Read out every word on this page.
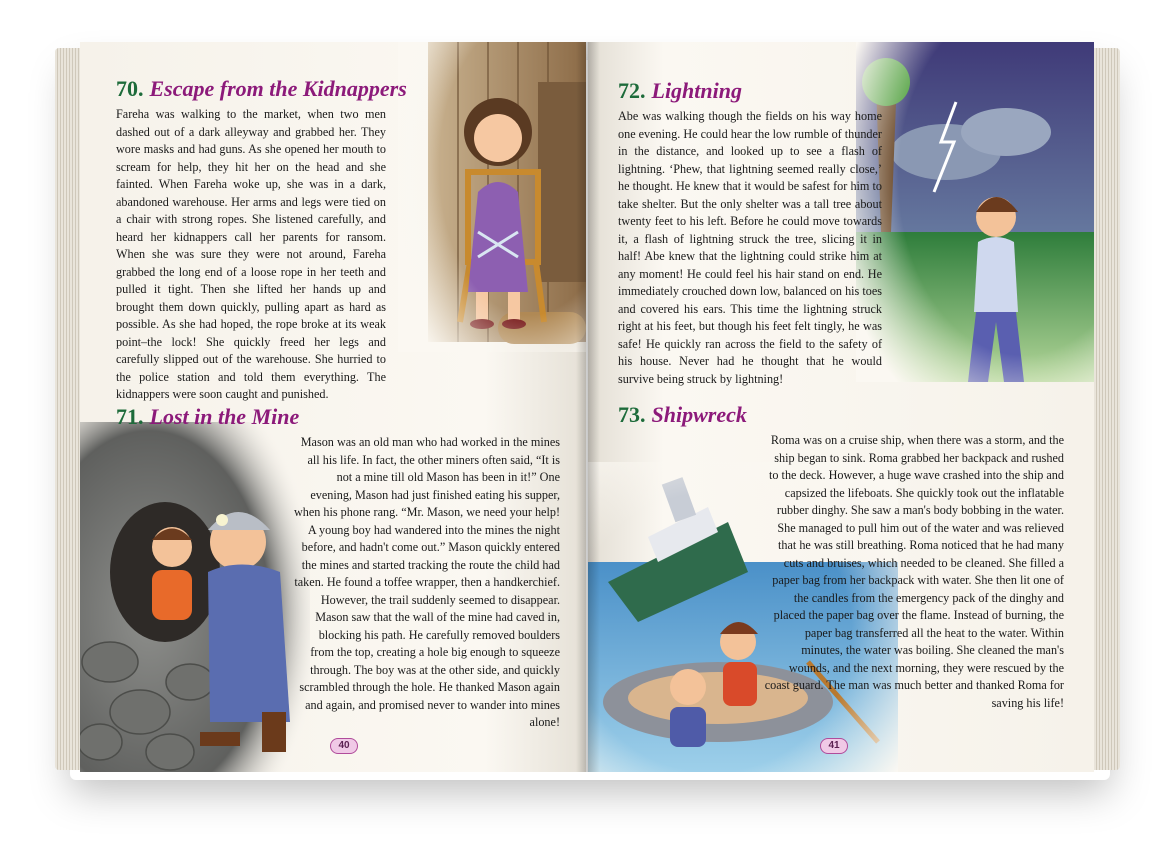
70. Escape from the Kidnappers

Fareha was walking to the market, when two men dashed out of a dark alleyway and grabbed her. They wore masks and had guns. As she opened her mouth to scream for help, they hit her on the head and she fainted. When Fareha woke up, she was in a dark, abandoned warehouse. Her arms and legs were tied on a chair with strong ropes. She listened carefully, and heard her kidnappers call her parents for ransom. When she was sure they were not around, Fareha grabbed the long end of a loose rope in her teeth and pulled it tight. Then she lifted her hands up and brought them down quickly, pulling apart as hard as possible. As she had hoped, the rope broke at its weak point–the lock! She quickly freed her legs and carefully slipped out of the warehouse. She hurried to the police station and told them everything. The kidnappers were soon caught and punished.

71. Lost in the Mine

Mason was an old man who had worked in the mines all his life. In fact, the other miners often said, “It is not a mine till old Mason has been in it!” One evening, Mason had just finished eating his supper, when his phone rang. “Mr. Mason, we need your help! A young boy had wandered into the mines the night before, and hadn't come out.” Mason quickly entered the mines and started tracking the route the child had taken. He found a toffee wrapper, then a handkerchief. However, the trail suddenly seemed to disappear. Mason saw that the wall of the mine had caved in, blocking his path. He carefully removed boulders from the top, creating a hole big enough to squeeze through. The boy was at the other side, and quickly scrambled through the hole. He thanked Mason again and again, and promised never to wander into mines alone!

40
72. Lightning

Abe was walking though the fields on his way home one evening. He could hear the low rumble of thunder in the distance, and looked up to see a flash of lightning. ‘Phew, that lightning seemed really close,’ he thought. He knew that it would be safest for him to take shelter. But the only shelter was a tall tree about twenty feet to his left. Before he could move towards it, a flash of lightning struck the tree, slicing it in half! Abe knew that the lightning could strike him at any moment! He could feel his hair stand on end. He immediately crouched down low, balanced on his toes and covered his ears. This time the lightning struck right at his feet, but though his feet felt tingly, he was safe! He quickly ran across the field to the safety of his house. Never had he thought that he would survive being struck by lightning!

73. Shipwreck

Roma was on a cruise ship, when there was a storm, and the ship began to sink. Roma grabbed her backpack and rushed to the deck. However, a huge wave crashed into the ship and capsized the lifeboats. She quickly took out the inflatable rubber dinghy. She saw a man's body bobbing in the water. She managed to pull him out of the water and was relieved that he was still breathing. Roma noticed that he had many cuts and bruises, which needed to be cleaned. She filled a paper bag from her backpack with water. She then lit one of the candles from the emergency pack of the dinghy and placed the paper bag over the flame. Instead of burning, the paper bag transferred all the heat to the water. Within minutes, the water was boiling. She cleaned the man's wounds, and the next morning, they were rescued by the coast guard. The man was much better and thanked Roma for saving his life!

41
